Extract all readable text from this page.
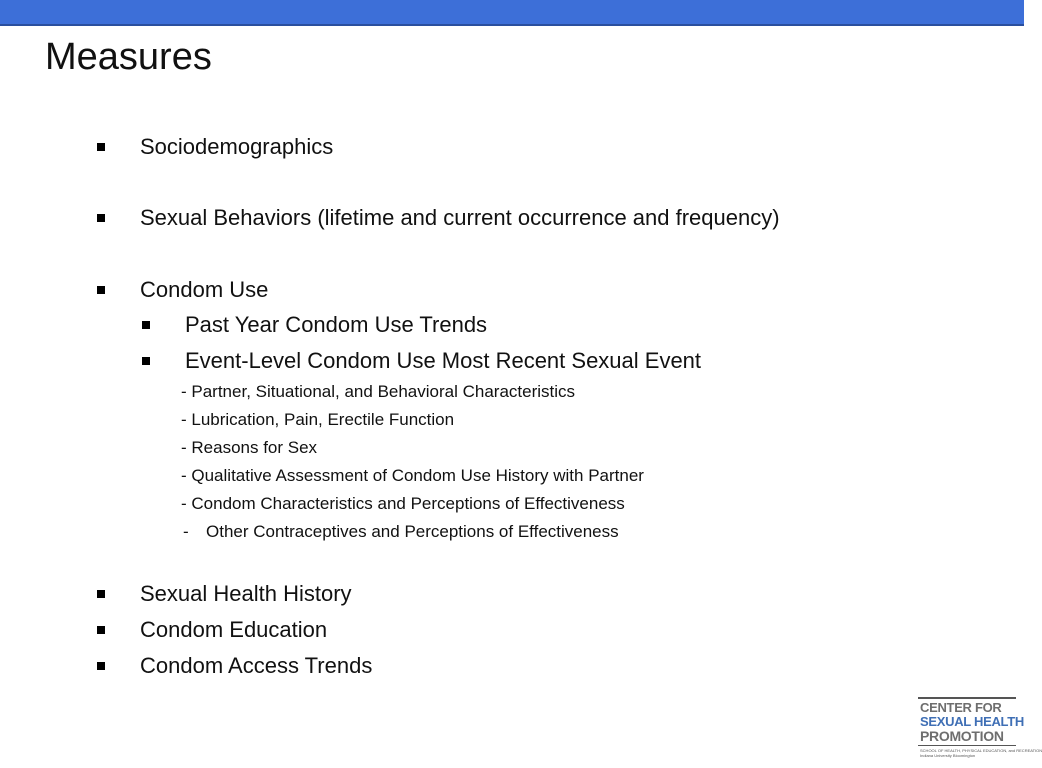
Measures
Sociodemographics
Sexual Behaviors (lifetime and current occurrence and frequency)
Condom Use
Past Year Condom Use Trends
Event-Level Condom Use Most Recent Sexual Event
- Partner, Situational, and Behavioral Characteristics
- Lubrication, Pain, Erectile Function
- Reasons for Sex
- Qualitative Assessment of Condom Use History with Partner
- Condom Characteristics and Perceptions of Effectiveness
- Other Contraceptives and Perceptions of Effectiveness
Sexual Health History
Condom Education
Condom Access Trends
CENTER FOR
SEXUAL HEALTH
PROMOTION
SCHOOL OF HEALTH, PHYSICAL EDUCATION, and RECREATION
Indiana University Bloomington
